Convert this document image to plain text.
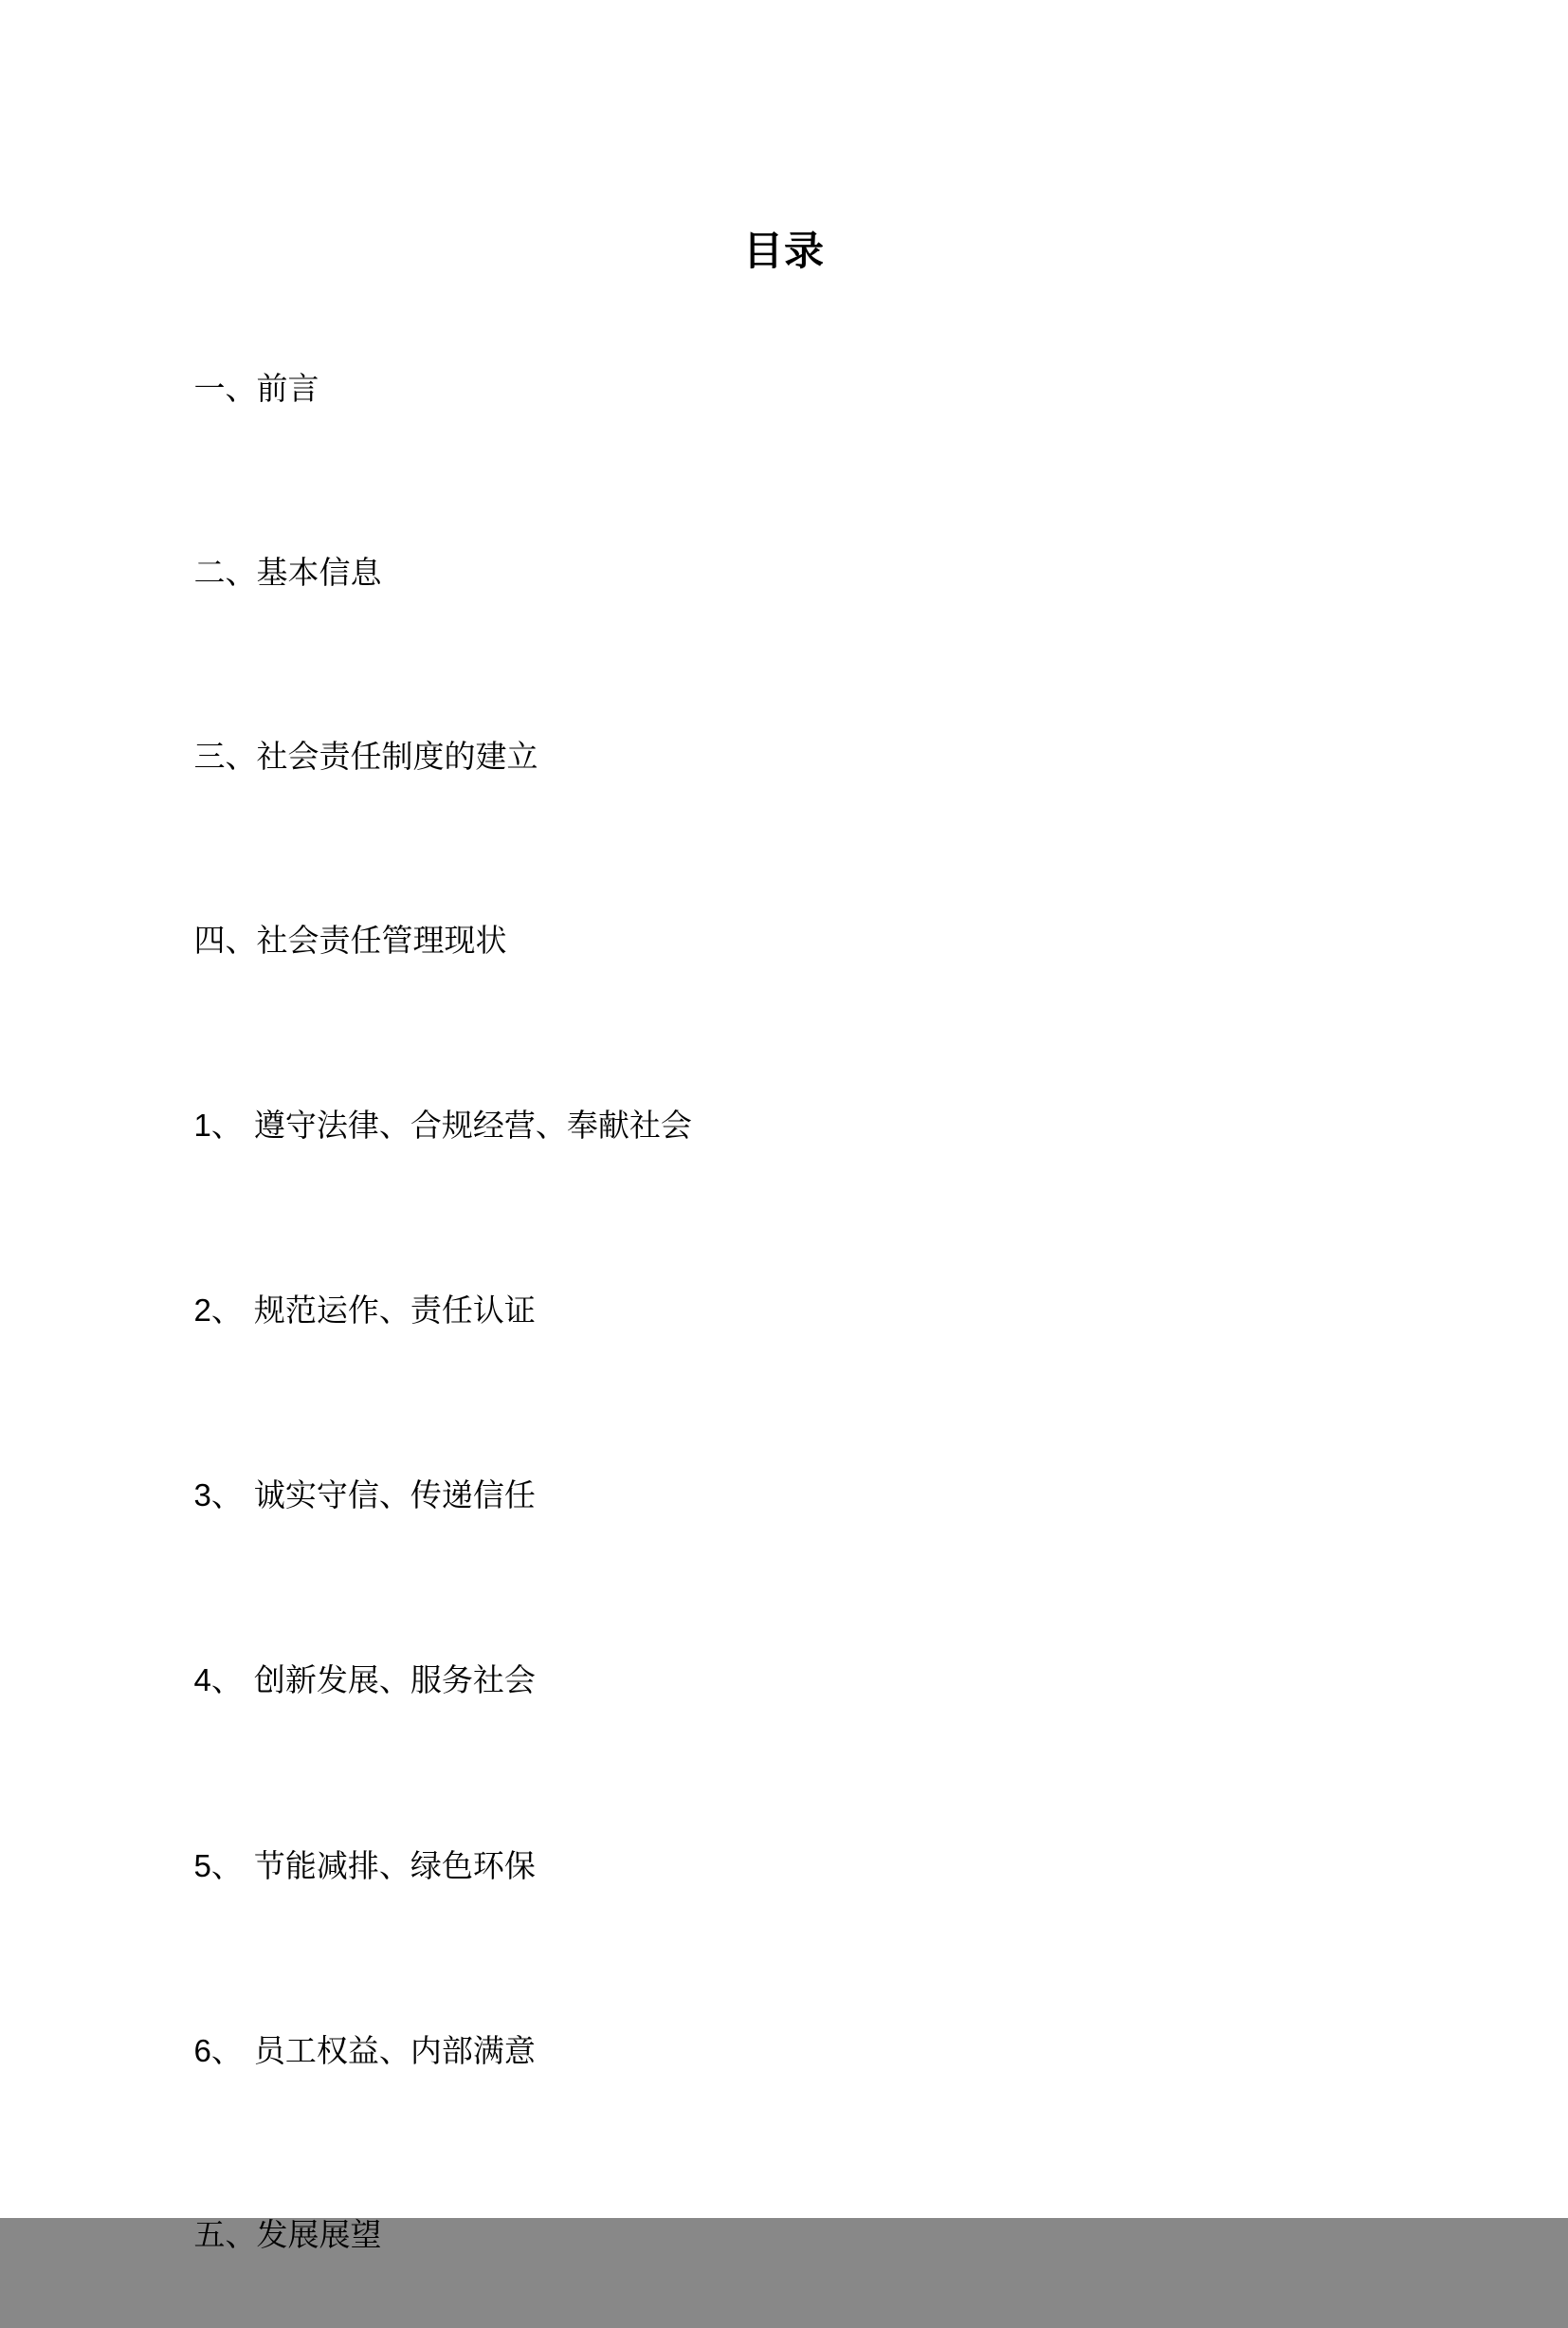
目录

一、前言

二、基本信息

三、社会责任制度的建立

四、社会责任管理现状

1、 遵守法律、合规经营、奉献社会

2、 规范运作、责任认证

3、 诚实守信、传递信任

4、 创新发展、服务社会

5、 节能减排、绿色环保

6、 员工权益、内部满意

五、发展展望
